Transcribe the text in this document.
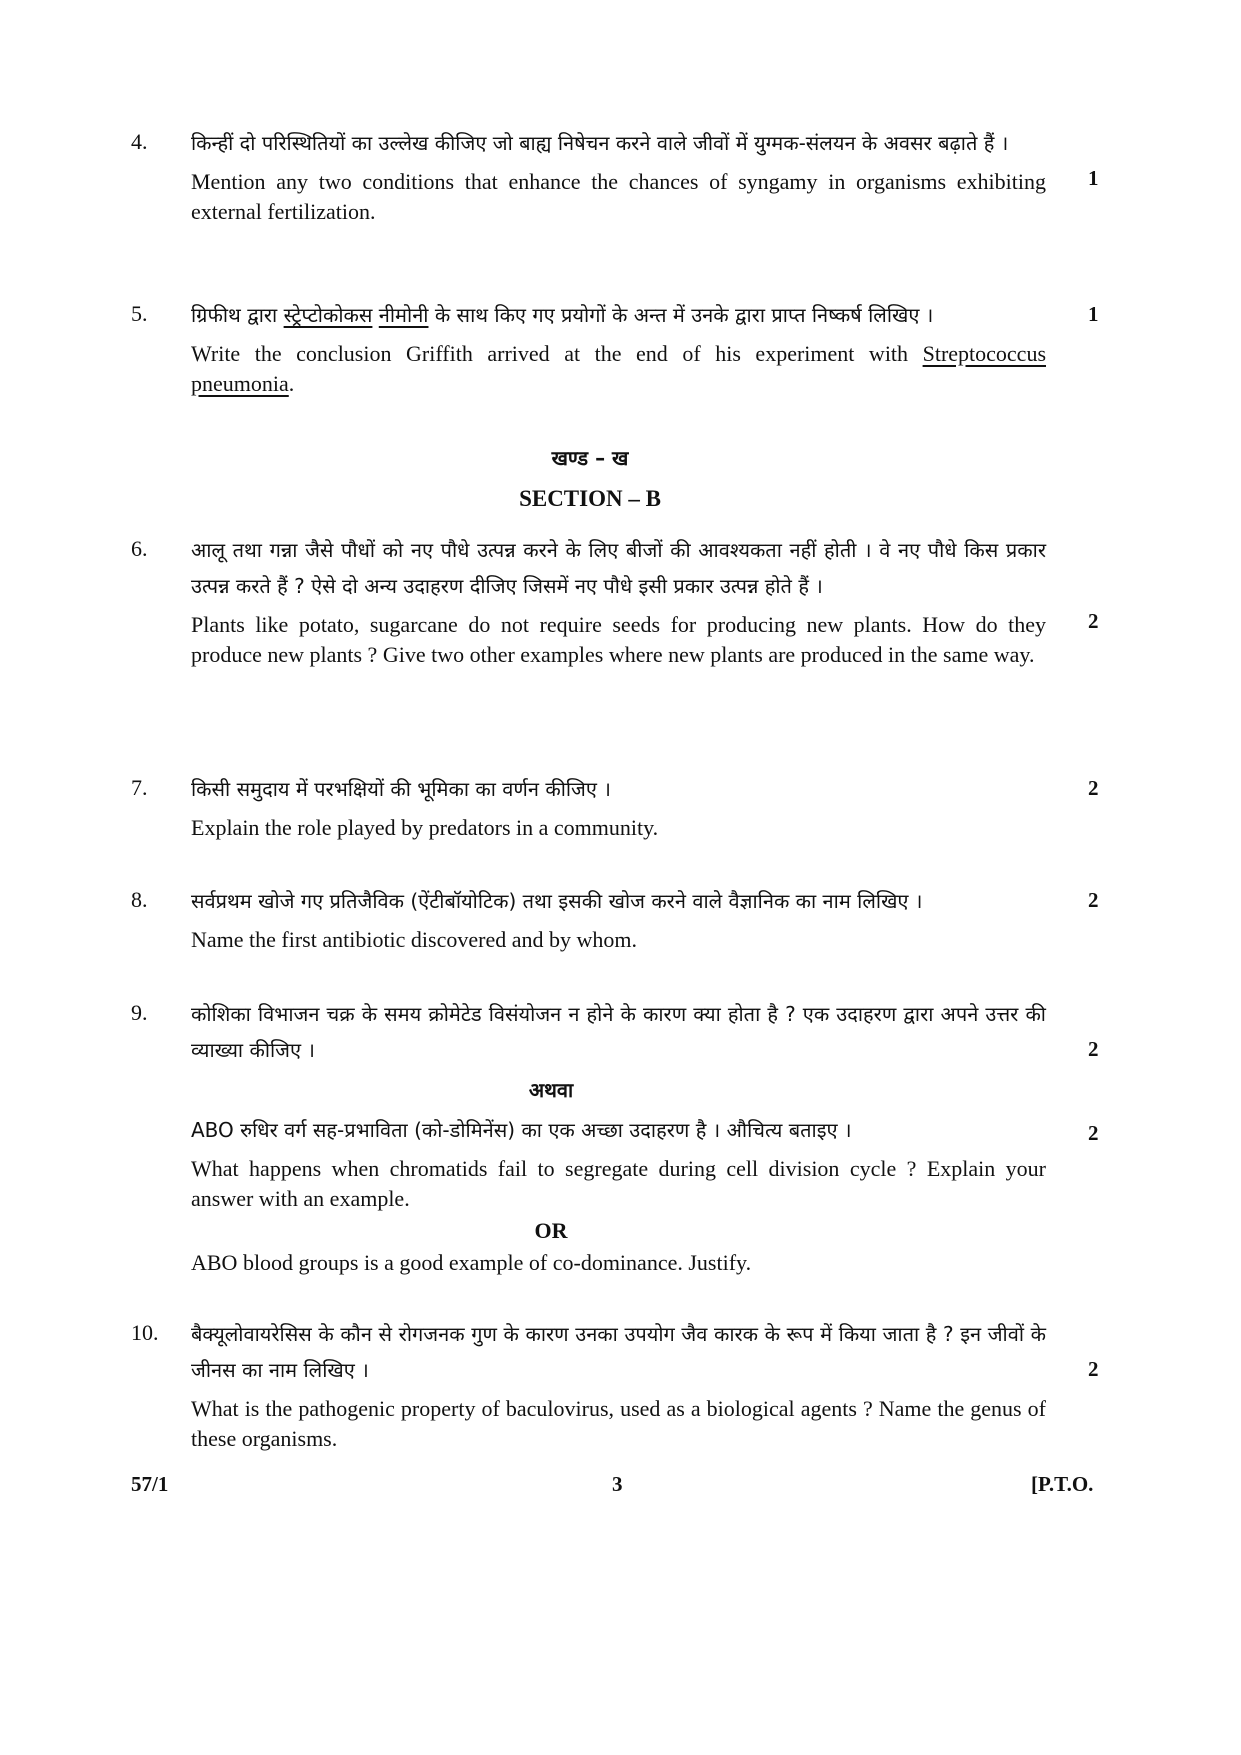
4. किन्हीं दो परिस्थितियों का उल्लेख कीजिए जो बाह्य निषेचन करने वाले जीवों में युग्मक-संलयन के अवसर बढ़ाते हैं ।
Mention any two conditions that enhance the chances of syngamy in organisms exhibiting external fertilization.
1
5. ग्रिफीथ द्वारा स्ट्रेप्टोकोकस नीमोनी के साथ किए गए प्रयोगों के अन्त में उनके द्वारा प्राप्त निष्कर्ष लिखिए ।
Write the conclusion Griffith arrived at the end of his experiment with Streptococcus pneumonia.
1
खण्ड – ख
SECTION – B
6. आलू तथा गन्ना जैसे पौधों को नए पौधे उत्पन्न करने के लिए बीजों की आवश्यकता नहीं होती । वे नए पौधे किस प्रकार उत्पन्न करते हैं ? ऐसे दो अन्य उदाहरण दीजिए जिसमें नए पौधे इसी प्रकार उत्पन्न होते हैं ।
Plants like potato, sugarcane do not require seeds for producing new plants. How do they produce new plants ? Give two other examples where new plants are produced in the same way.
2
7. किसी समुदाय में परभक्षियों की भूमिका का वर्णन कीजिए ।
Explain the role played by predators in a community.
2
8. सर्वप्रथम खोजे गए प्रतिजैविक (ऐंटीबॉयोटिक) तथा इसकी खोज करने वाले वैज्ञानिक का नाम लिखिए ।
Name the first antibiotic discovered and by whom.
2
9. कोशिका विभाजन चक्र के समय क्रोमेटेड विसंयोजन न होने के कारण क्या होता है ? एक उदाहरण द्वारा अपने उत्तर की व्याख्या कीजिए ।
अथवा
ABO रुधिर वर्ग सह-प्रभाविता (को-डोमिनेंस) का एक अच्छा उदाहरण है । औचित्य बताइए ।
What happens when chromatids fail to segregate during cell division cycle ? Explain your answer with an example.
OR
ABO blood groups is a good example of co-dominance. Justify.
2
2
10. बैक्यूलोवायरेसिस के कौन से रोगजनक गुण के कारण उनका उपयोग जैव कारक के रूप में किया जाता है ? इन जीवों के जीनस का नाम लिखिए ।
What is the pathogenic property of baculovirus, used as a biological agents ? Name the genus of these organisms.
2
57/1	3	[P.T.O.
